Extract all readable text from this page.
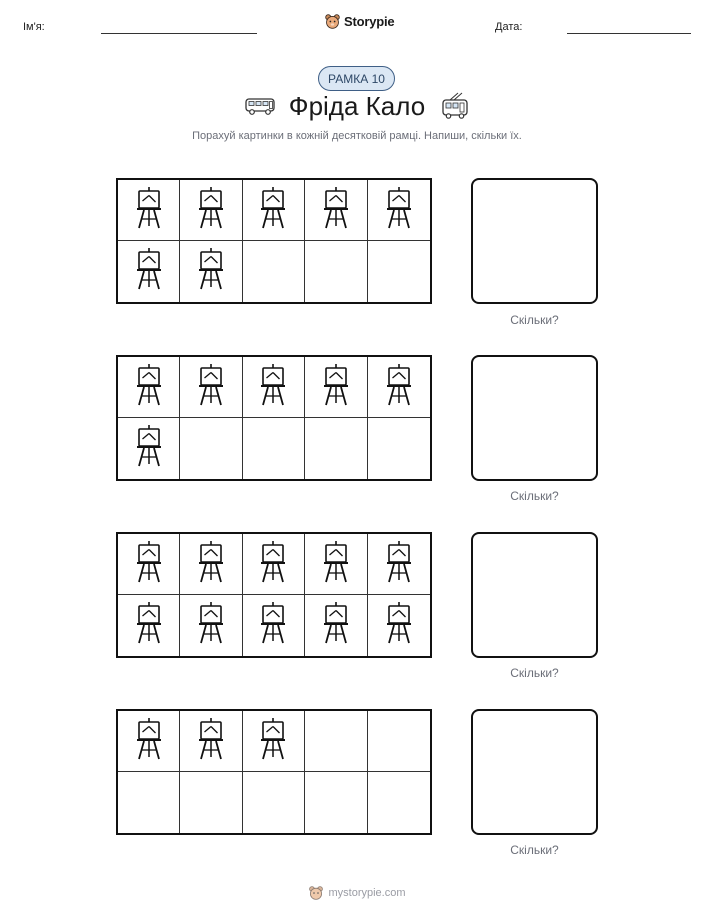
Ім'я:	Storypie	Дата:
РАМКА 10
Фріда Кало
Порахуй картинки в кожній десятковій рамці. Напиши, скільки їх.
Скільки?
Скільки?
Скільки?
Скільки?
mystorypie.com
